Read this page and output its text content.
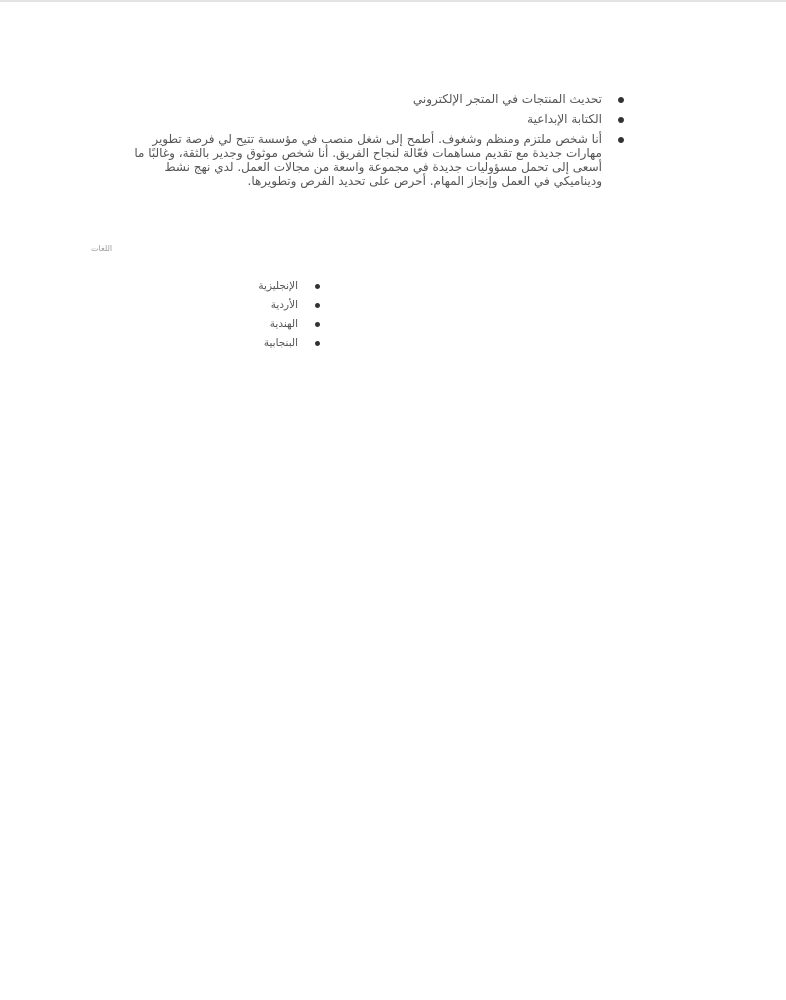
تحديث المنتجات في المتجر الإلكتروني
الكتابة الإبداعية
أنا شخص ملتزم ومنظم وشغوف. أطمح إلى شغل منصب في مؤسسة تتيح لي فرصة تطوير مهارات جديدة مع تقديم مساهمات فعّالة لنجاح الفريق. أنا شخص موثوق وجدير بالثقة، وغالبًا ما أسعى إلى تحمل مسؤوليات جديدة في مجموعة واسعة من مجالات العمل. لدي نهج نشط وديناميكي في العمل وإنجاز المهام. أحرص على تحديد الفرص وتطويرها.
اللغات
الإنجليزية
الأردية
الهندية
البنجابية
